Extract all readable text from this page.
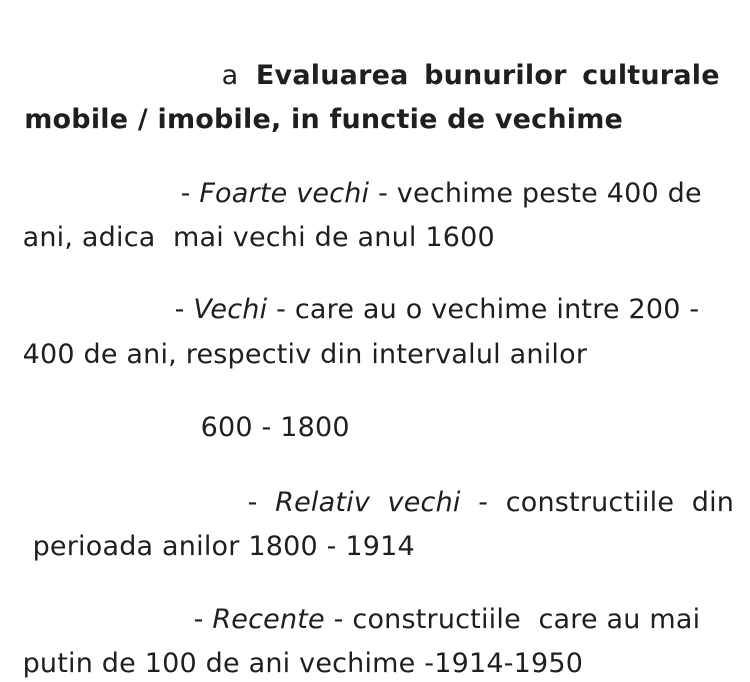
a Evaluarea bunurilor culturale

mobile / imobile, in functie de vechime

- Foarte vechi - vechime peste 400 de

ani, adica  mai vechi de anul 1600

- Vechi - care au o vechime intre 200 -

400 de ani, respectiv din intervalul anilor

600 - 1800

- Relativ  vechi -  constructiile  din

perioada anilor 1800 - 1914

- Recente - constructiile  care au mai

putin de 100 de ani vechime -1914-1950
